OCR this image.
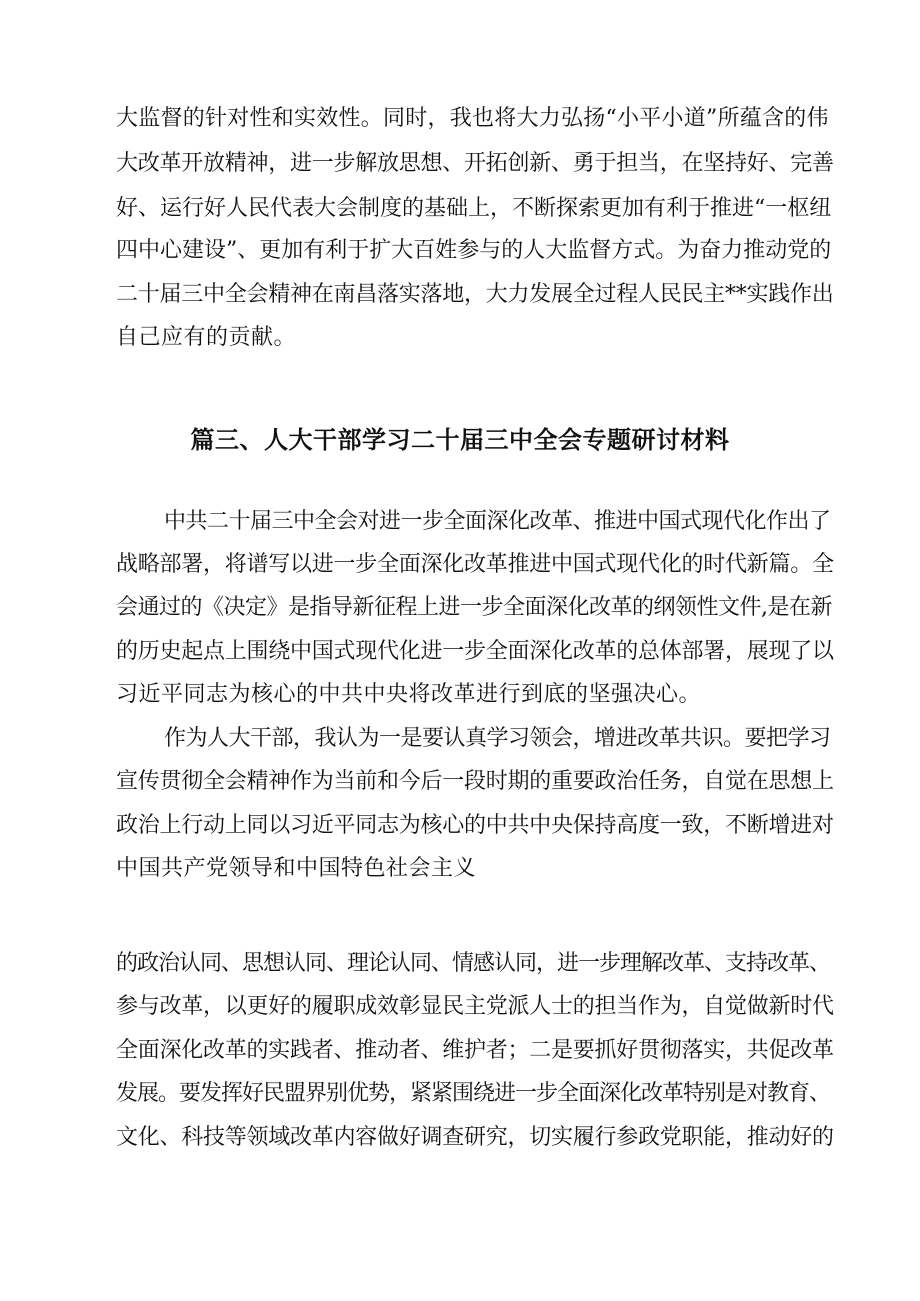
大监督的针对性和实效性。同时，我也将大力弘扬“小平小道”所蕴含的伟
大改革开放精神，进一步解放思想、开拓创新、勇于担当，在坚持好、完善
好、运行好人民代表大会制度的基础上，不断探索更加有利于推进“一枢纽
四中心建设”、更加有利于扩大百姓参与的人大监督方式。为奋力推动党的
二十届三中全会精神在南昌落实落地，大力发展全过程人民民主**实践作出
自己应有的贡献。
篇三、人大干部学习二十届三中全会专题研讨材料
中共二十届三中全会对进一步全面深化改革、推进中国式现代化作出了
战略部署，将谱写以进一步全面深化改革推进中国式现代化的时代新篇。全
会通过的《决定》是指导新征程上进一步全面深化改革的纲领性文件,是在新
的历史起点上围绕中国式现代化进一步全面深化改革的总体部署，展现了以
习近平同志为核心的中共中央将改革进行到底的坚强决心。
作为人大干部，我认为一是要认真学习领会，增进改革共识。要把学习
宣传贯彻全会精神作为当前和今后一段时期的重要政治任务，自觉在思想上
政治上行动上同以习近平同志为核心的中共中央保持高度一致，不断增进对
中国共产党领导和中国特色社会主义
的政治认同、思想认同、理论认同、情感认同，进一步理解改革、支持改革、
参与改革，以更好的履职成效彰显民主党派人士的担当作为，自觉做新时代
全面深化改革的实践者、推动者、维护者；二是要抓好贯彻落实，共促改革
发展。要发挥好民盟界别优势，紧紧围绕进一步全面深化改革特别是对教育、
文化、科技等领域改革内容做好调查研究，切实履行参政党职能，推动好的
